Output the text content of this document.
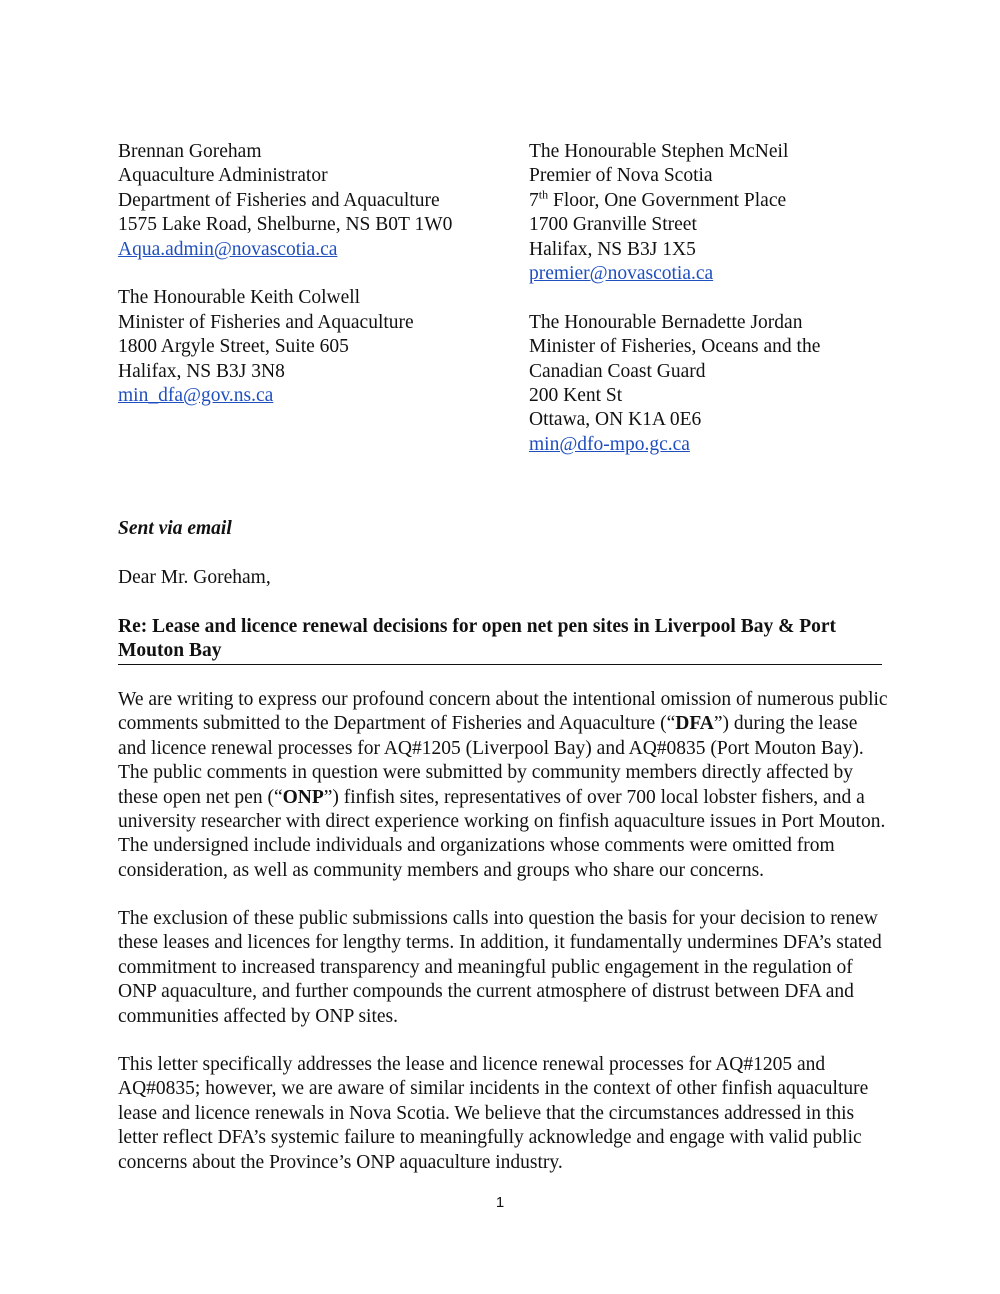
Brennan Goreham
Aquaculture Administrator
Department of Fisheries and Aquaculture
1575 Lake Road, Shelburne, NS B0T 1W0
Aqua.admin@novascotia.ca
The Honourable Keith Colwell
Minister of Fisheries and Aquaculture
1800 Argyle Street, Suite 605
Halifax, NS B3J 3N8
min_dfa@gov.ns.ca
The Honourable Stephen McNeil
Premier of Nova Scotia
7th Floor, One Government Place
1700 Granville Street
Halifax, NS B3J 1X5
premier@novascotia.ca
The Honourable Bernadette Jordan
Minister of Fisheries, Oceans and the
Canadian Coast Guard
200 Kent St
Ottawa, ON K1A 0E6
min@dfo-mpo.gc.ca
Sent via email
Dear Mr. Goreham,
Re: Lease and licence renewal decisions for open net pen sites in Liverpool Bay & Port
Mouton Bay
We are writing to express our profound concern about the intentional omission of numerous public comments submitted to the Department of Fisheries and Aquaculture (“DFA”) during the lease and licence renewal processes for AQ#1205 (Liverpool Bay) and AQ#0835 (Port Mouton Bay). The public comments in question were submitted by community members directly affected by these open net pen (“ONP”) finfish sites, representatives of over 700 local lobster fishers, and a university researcher with direct experience working on finfish aquaculture issues in Port Mouton. The undersigned include individuals and organizations whose comments were omitted from consideration, as well as community members and groups who share our concerns.
The exclusion of these public submissions calls into question the basis for your decision to renew these leases and licences for lengthy terms. In addition, it fundamentally undermines DFA’s stated commitment to increased transparency and meaningful public engagement in the regulation of ONP aquaculture, and further compounds the current atmosphere of distrust between DFA and communities affected by ONP sites.
This letter specifically addresses the lease and licence renewal processes for AQ#1205 and AQ#0835; however, we are aware of similar incidents in the context of other finfish aquaculture lease and licence renewals in Nova Scotia. We believe that the circumstances addressed in this letter reflect DFA’s systemic failure to meaningfully acknowledge and engage with valid public concerns about the Province’s ONP aquaculture industry.
1
